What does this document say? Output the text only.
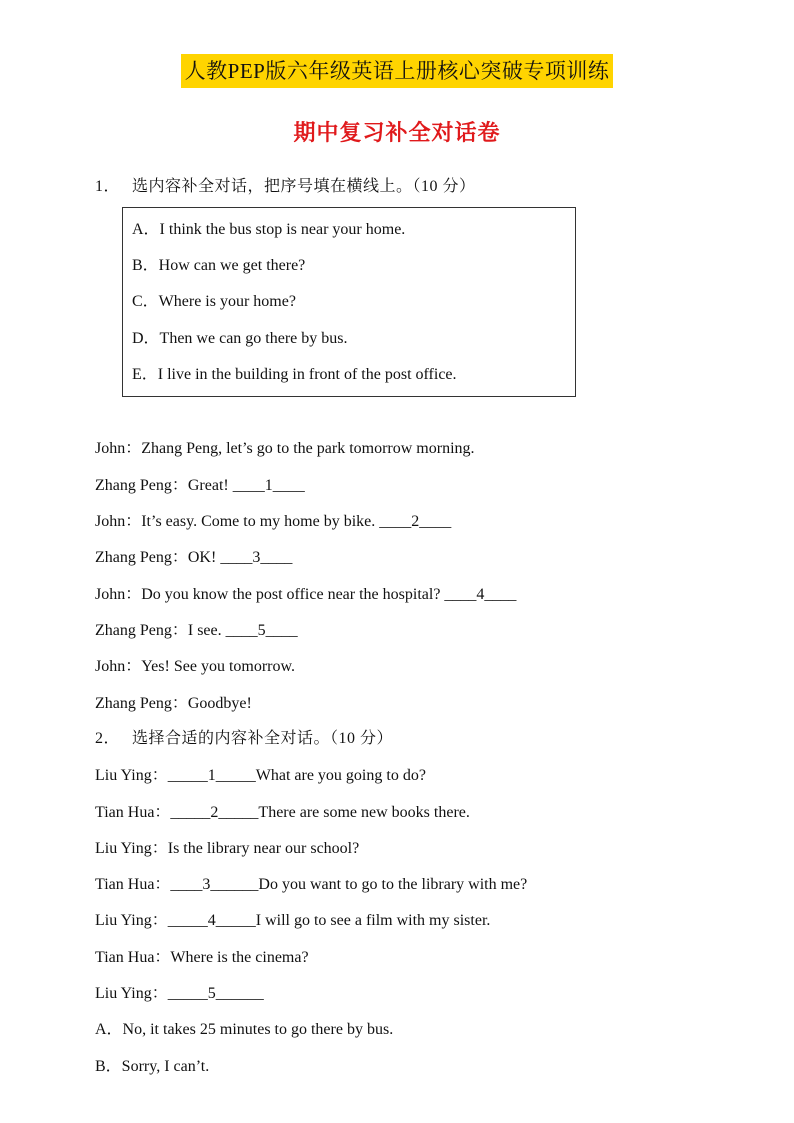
人教PEP版六年级英语上册核心突破专项训练
期中复习补全对话卷
1． 选内容补全对话，把序号填在横线上。（10 分）
A．I think the bus stop is near your home.
B．How can we get there?
C．Where is your home?
D．Then we can go there by bus.
E．I live in the building in front of the post office.
John：Zhang Peng, let’s go to the park tomorrow morning.
Zhang Peng：Great! ____1____
John：It’s easy. Come to my home by bike. ____2____
Zhang Peng：OK! ____3____
John：Do you know the post office near the hospital? ____4____
Zhang Peng：I see. ____5____
John：Yes! See you tomorrow.
Zhang Peng：Goodbye!
2． 选择合适的内容补全对话。（10 分）
Liu Ying：_____1_____What are you going to do?
Tian Hua：_____2_____There are some new books there.
Liu Ying：Is the library near our school?
Tian Hua：____3______Do you want to go to the library with me?
Liu Ying：_____4_____I will go to see a film with my sister.
Tian Hua：Where is the cinema?
Liu Ying：_____5______
A．No, it takes 25 minutes to go there by bus.
B．Sorry, I can’t.
